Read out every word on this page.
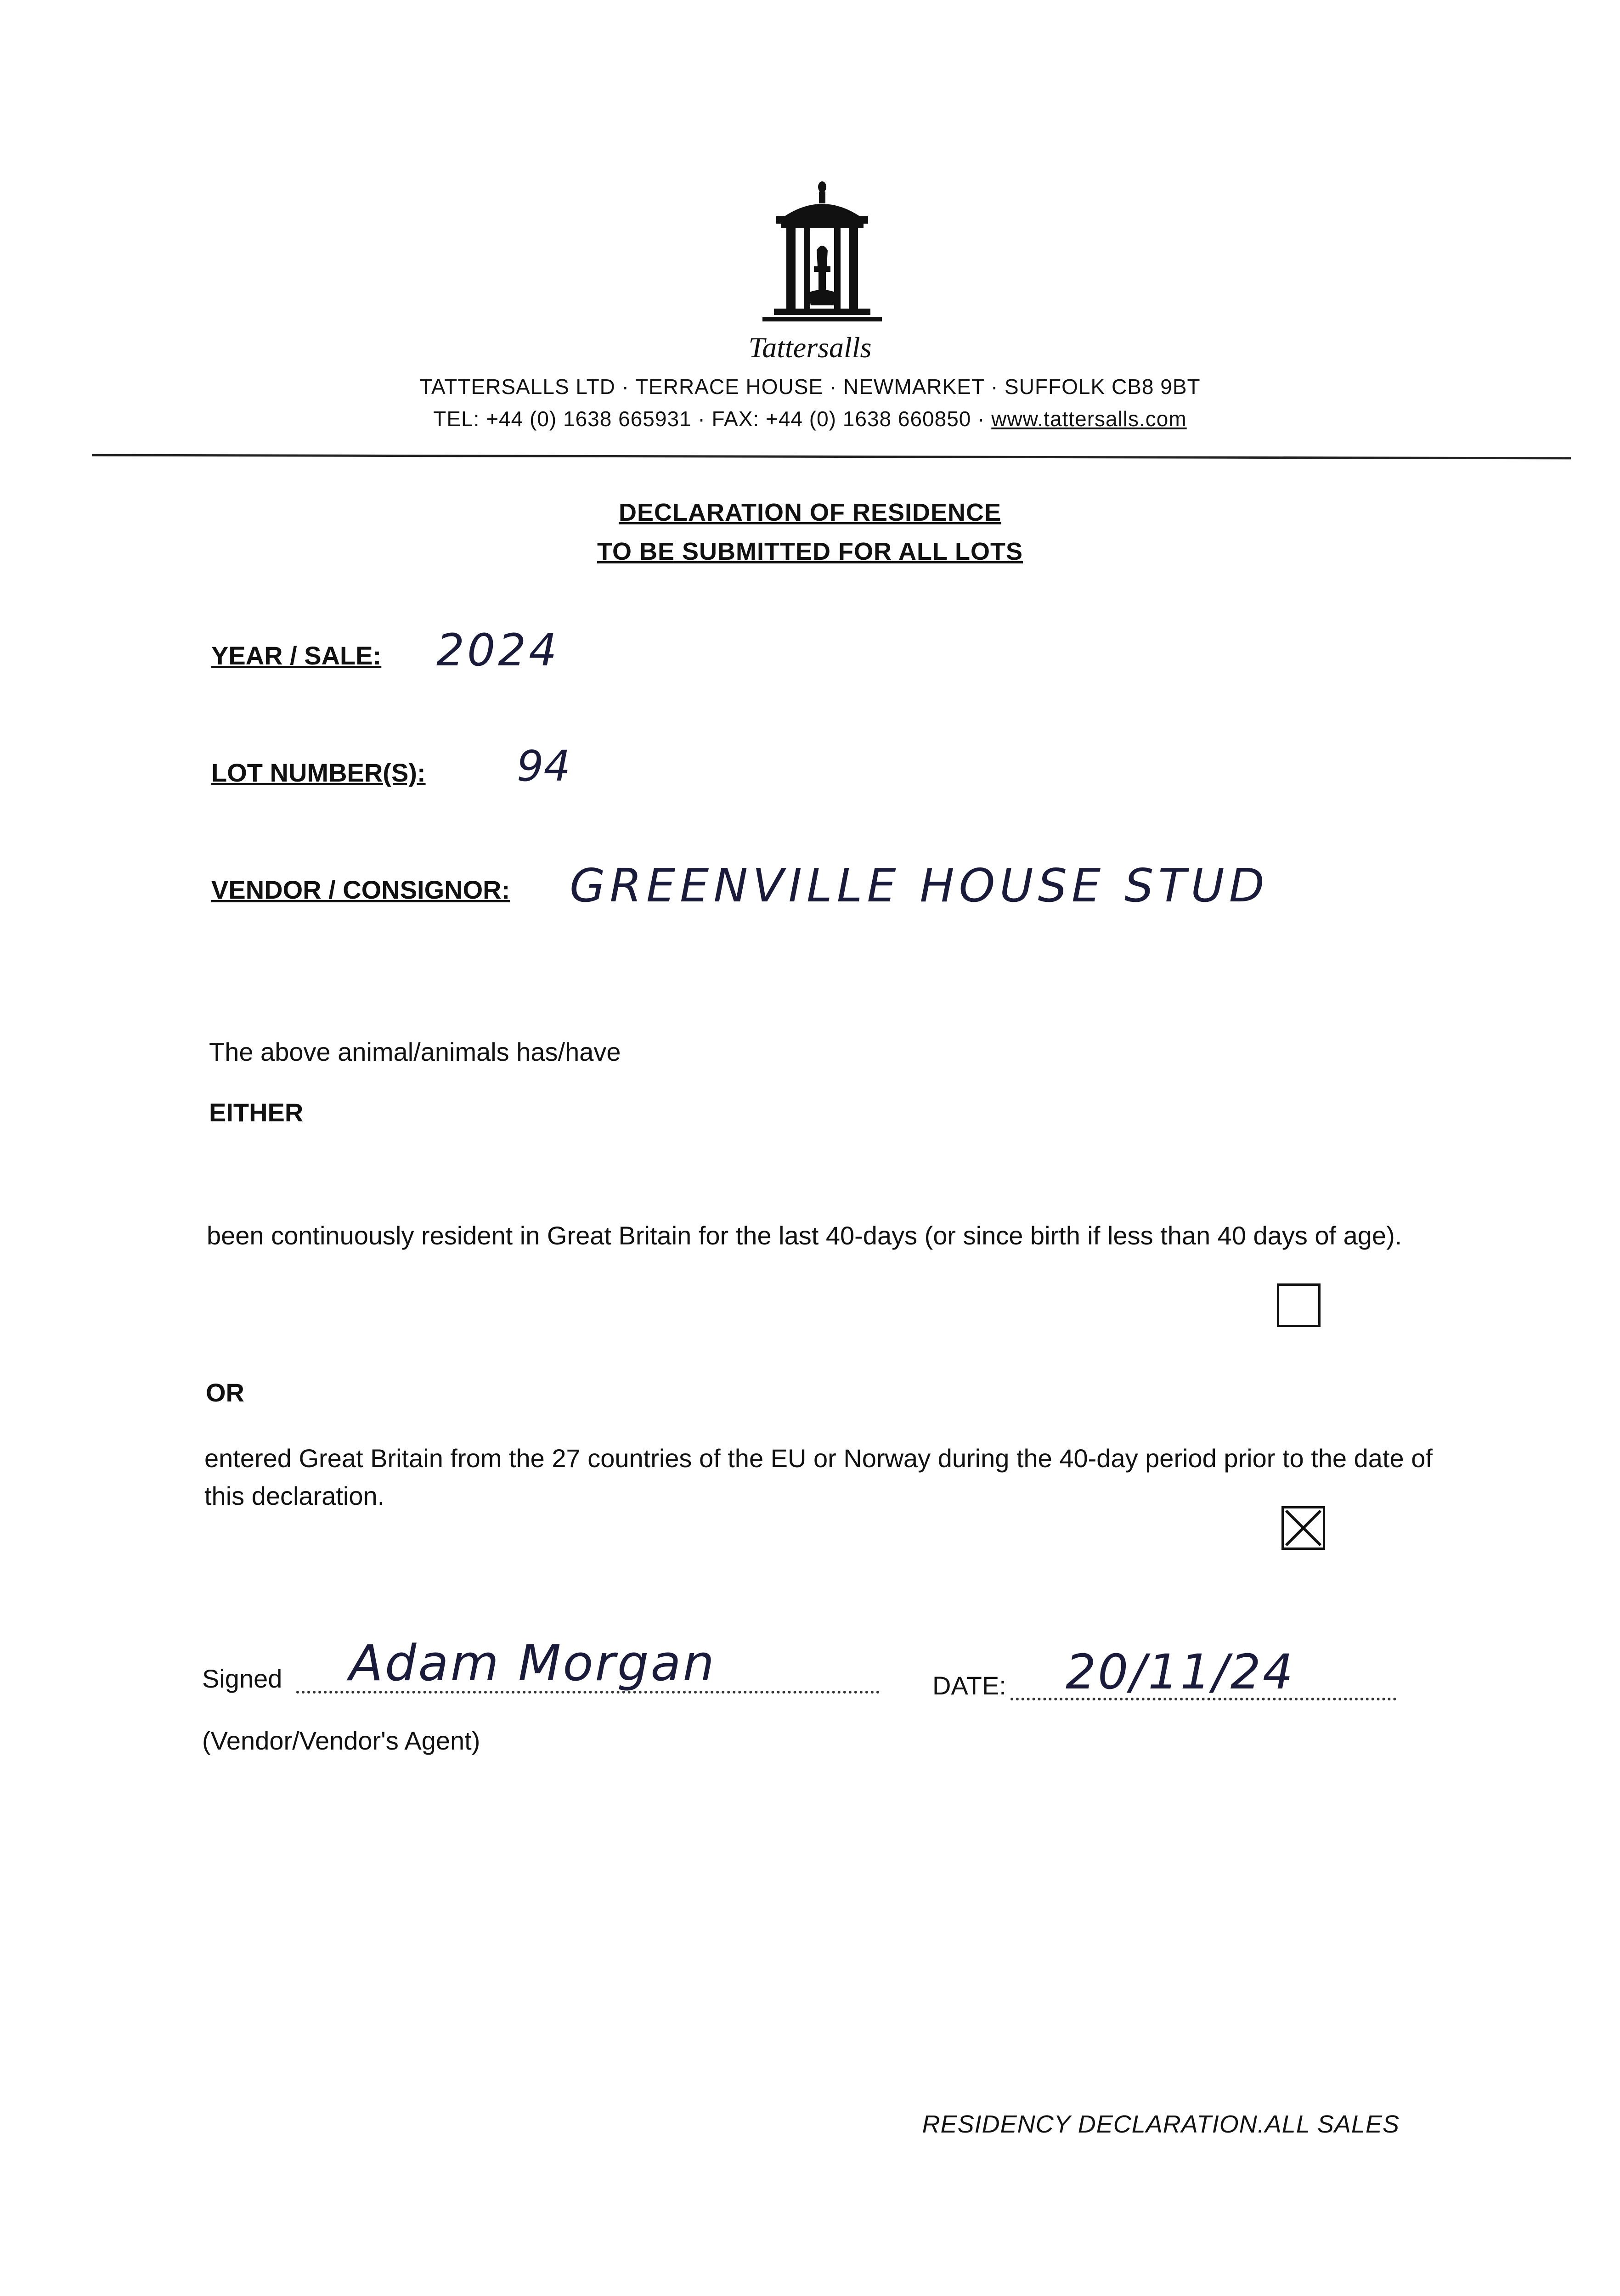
Tattersalls
TATTERSALLS LTD · TERRACE HOUSE · NEWMARKET · SUFFOLK CB8 9BT
TEL: +44 (0) 1638 665931 · FAX: +44 (0) 1638 660850 · www.tattersalls.com
DECLARATION OF RESIDENCE
TO BE SUBMITTED FOR ALL LOTS
YEAR / SALE: 2024
LOT NUMBER(S): 94
VENDOR / CONSIGNOR: GREENVILLE HOUSE STUD
The above animal/animals has/have
EITHER
been continuously resident in Great Britain for the last 40-days (or since birth if less than 40 days of age).
OR
entered Great Britain from the 27 countries of the EU or Norway during the 40-day period prior to the date of this declaration.
Signed Adam Morgan	DATE: 20/11/24
(Vendor/Vendor's Agent)
RESIDENCY DECLARATION.ALL SALES
